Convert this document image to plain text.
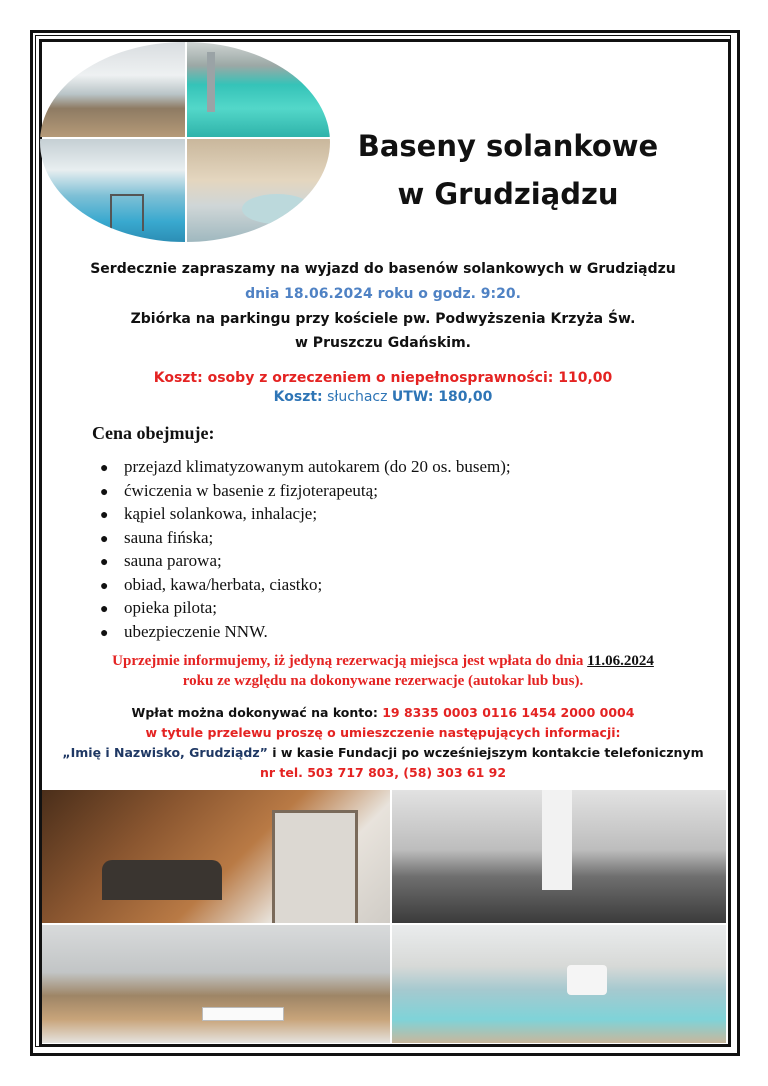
Baseny solankowe
w Grudziądzu
Serdecznie zapraszamy na wyjazd do basenów solankowych w Grudziądzu
dnia 18.06.2024 roku o godz. 9:20.
Zbiórka na parkingu przy kościele pw. Podwyższenia Krzyża Św.
w Pruszczu Gdańskim.
Koszt: osoby z orzeczeniem o niepełnosprawności: 110,00
Koszt: słuchacz UTW: 180,00
Cena obejmuje:
● przejazd klimatyzowanym autokarem (do 20 os. busem);
● ćwiczenia w basenie z fizjoterapeutą;
● kąpiel solankowa, inhalacje;
● sauna fińska;
● sauna parowa;
● obiad, kawa/herbata, ciastko;
● opieka pilota;
● ubezpieczenie NNW.
Uprzejmie informujemy, iż jedyną rezerwacją miejsca jest wpłata do dnia 11.06.2024
roku ze względu na dokonywane rezerwacje (autokar lub bus).
Wpłat można dokonywać na konto: 19 8335 0003 0116 1454 2000 0004
w tytule przelewu proszę o umieszczenie następujących informacji:
„Imię i Nazwisko, Grudziądz” i w kasie Fundacji po wcześniejszym kontakcie telefonicznym
nr tel. 503 717 803, (58) 303 61 92
